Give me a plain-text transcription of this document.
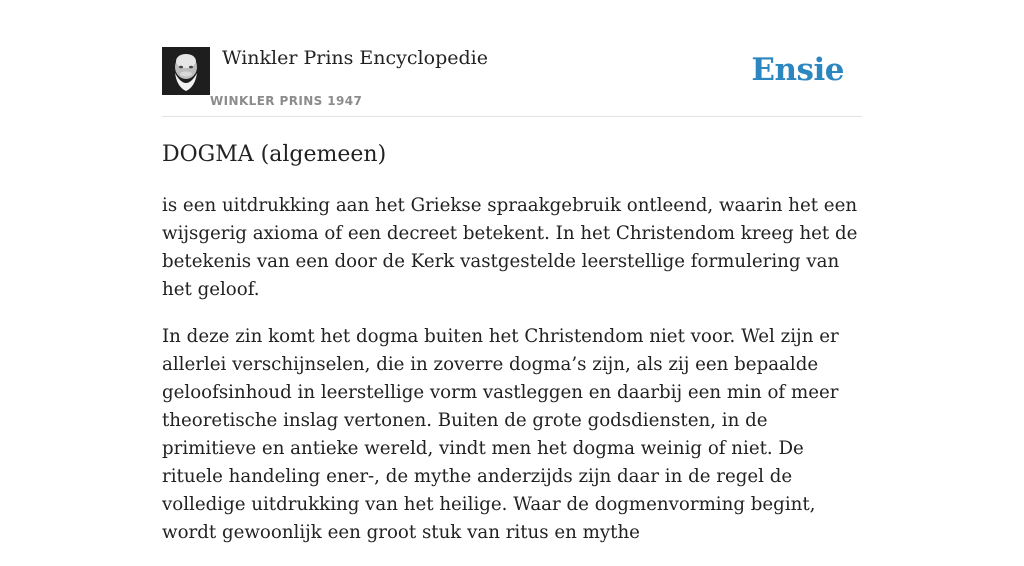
Winkler Prins Encyclopedie
WINKLER PRINS 1947
Ensie
DOGMA (algemeen)

is een uitdrukking aan het Griekse spraakgebruik ontleend, waarin het een wijsgerig axioma of een decreet betekent. In het Christendom kreeg het de betekenis van een door de Kerk vastgestelde leerstellige formulering van het geloof.

In deze zin komt het dogma buiten het Christendom niet voor. Wel zijn er allerlei verschijnselen, die in zoverre dogma’s zijn, als zij een bepaalde geloofsinhoud in leerstellige vorm vastleggen en daarbij een min of meer theoretische inslag vertonen. Buiten de grote godsdiensten, in de primitieve en antieke wereld, vindt men het dogma weinig of niet. De rituele handeling ener-, de mythe anderzijds zijn daar in de regel de volledige uitdrukking van het heilige. Waar de dogmenvorming begint, wordt gewoonlijk een groot stuk van ritus en mythe
